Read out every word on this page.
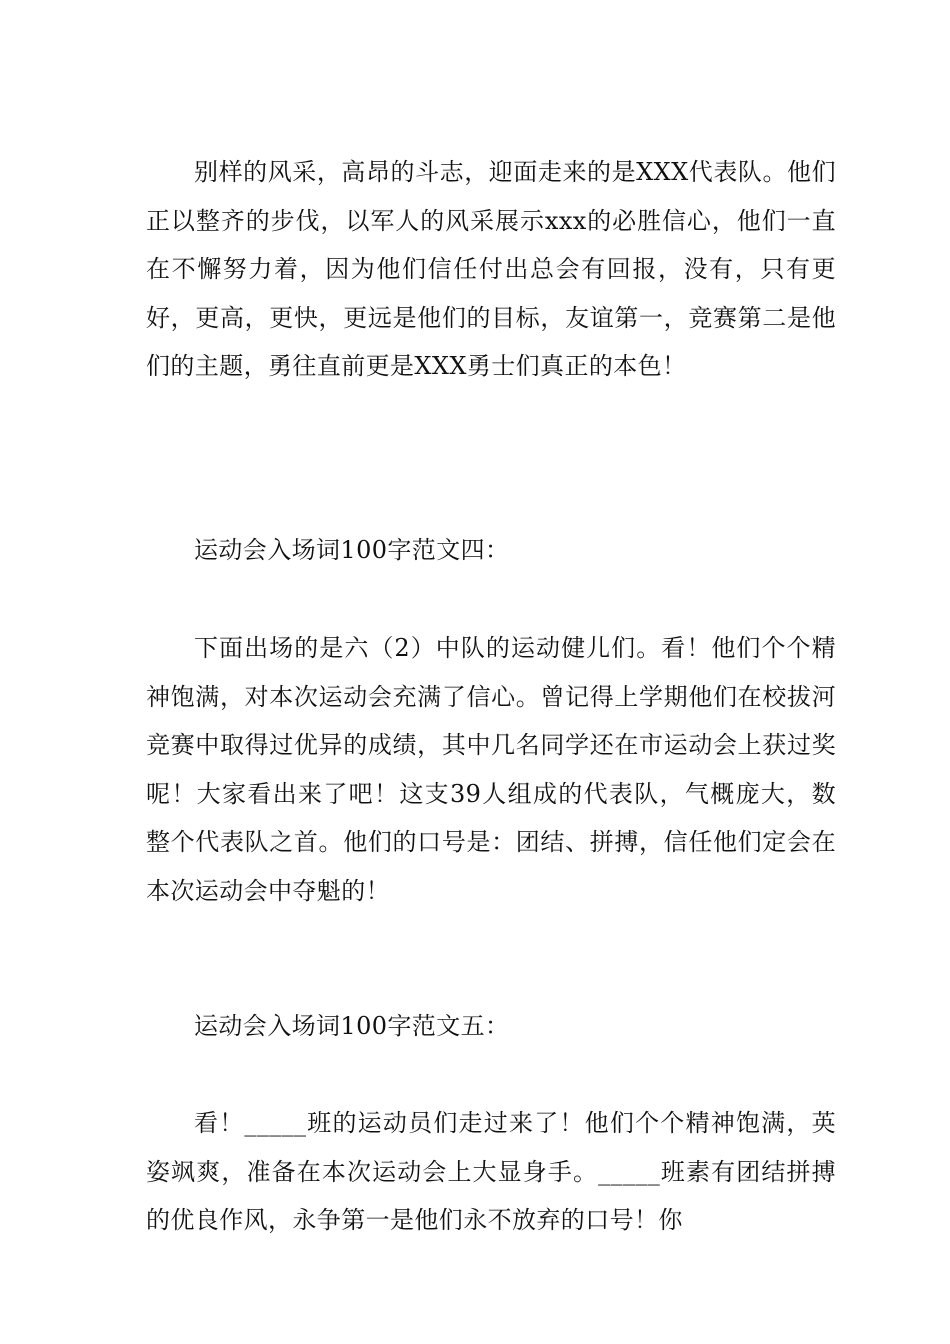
别样的风采，高昂的斗志，迎面走来的是XXX代表队。他们正以整齐的步伐，以军人的风采展示xxx的必胜信心，他们一直在不懈努力着，因为他们信任付出总会有回报，没有，只有更好，更高，更快，更远是他们的目标，友谊第一，竞赛第二是他们的主题，勇往直前更是XXX勇士们真正的本色！

运动会入场词100字范文四：

下面出场的是六（2）中队的运动健儿们。看！他们个个精神饱满，对本次运动会充满了信心。曾记得上学期他们在校拔河竞赛中取得过优异的成绩，其中几名同学还在市运动会上获过奖呢！大家看出来了吧！这支39人组成的代表队，气概庞大，数整个代表队之首。他们的口号是：团结、拼搏，信任他们定会在本次运动会中夺魁的！

运动会入场词100字范文五：

看！_____班的运动员们走过来了！他们个个精神饱满，英姿飒爽，准备在本次运动会上大显身手。_____班素有团结拼搏的优良作风，永争第一是他们永不放弃的口号！你
